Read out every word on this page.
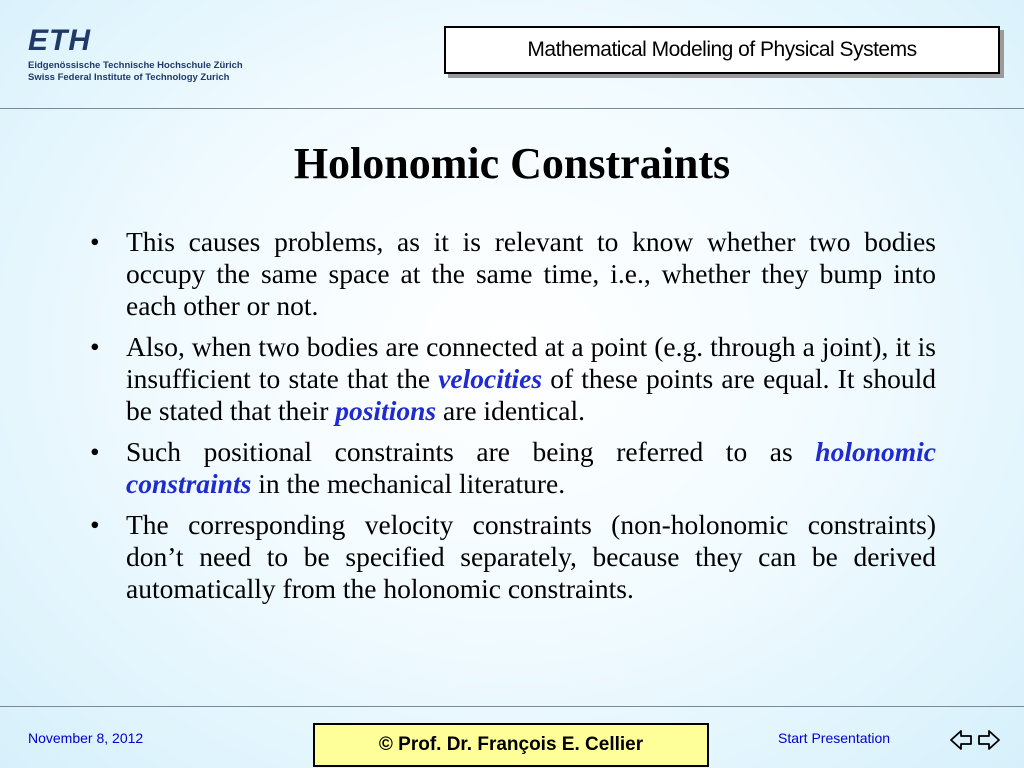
ETH
Eidgenössische Technische Hochschule Zürich
Swiss Federal Institute of Technology Zurich
Mathematical Modeling of Physical Systems
Holonomic Constraints
• This causes problems, as it is relevant to know whether two bodies occupy the same space at the same time, i.e., whether they bump into each other or not.
• Also, when two bodies are connected at a point (e.g. through a joint), it is insufficient to state that the velocities of these points are equal. It should be stated that their positions are identical.
• Such positional constraints are being referred to as holonomic constraints in the mechanical literature.
• The corresponding velocity constraints (non-holonomic constraints) don’t need to be specified separately, because they can be derived automatically from the holonomic constraints.
November 8, 2012	© Prof. Dr. François E. Cellier	Start Presentation
